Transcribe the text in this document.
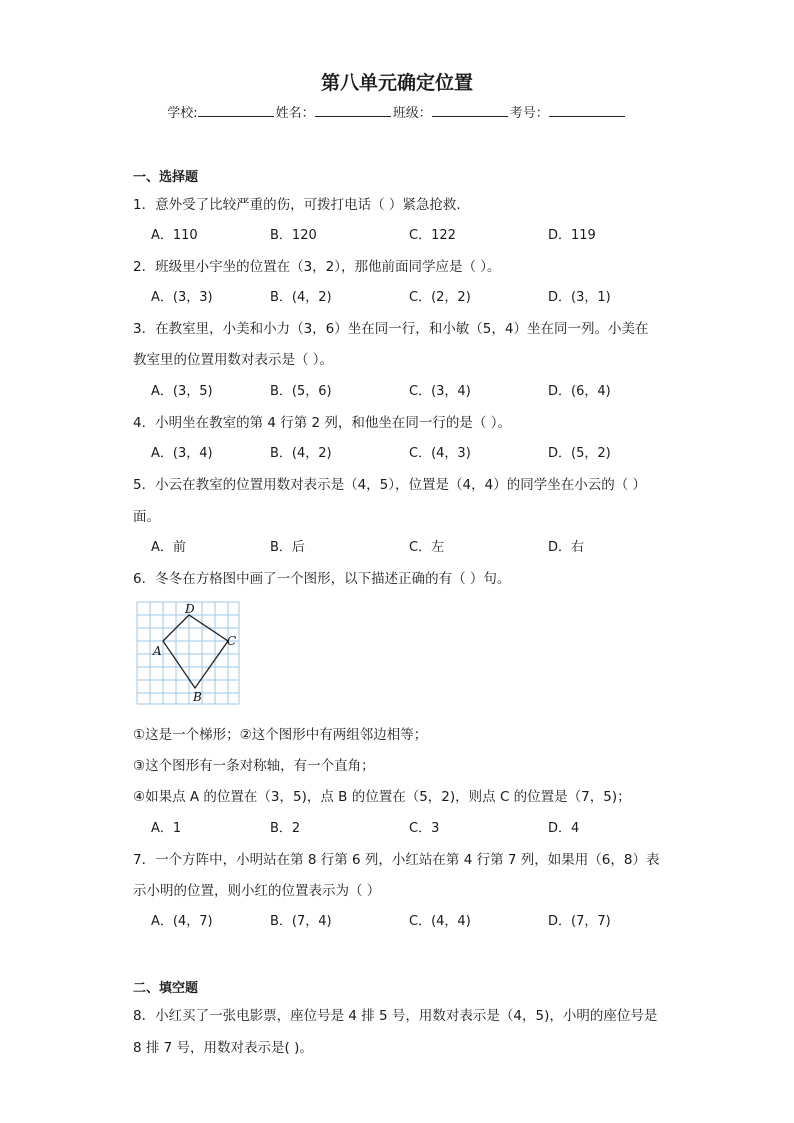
第八单元确定位置
学校:	姓名：	班级：	考号：
一、选择题
1．意外受了比较严重的伤，可拨打电话（ ）紧急抢救.
A．110	B．120	C．122	D．119
2．班级里小宇坐的位置在（3，2），那他前面同学应是（ ）。
A．(3，3)	B．(4，2)	C．(2，2)	D．(3，1)
3．在教室里，小美和小力（3，6）坐在同一行，和小敏（5，4）坐在同一列。小美在
教室里的位置用数对表示是（ ）。
A．(3，5)	B．(5，6)	C．(3，4)	D．(6，4)
4．小明坐在教室的第 4 行第 2 列，和他坐在同一行的是（ ）。
A．(3，4)	B．(4，2)	C．(4，3)	D．(5，2)
5．小云在教室的位置用数对表示是（4，5），位置是（4，4）的同学坐在小云的（ ）
面。
A．前	B．后	C．左	D．右
6．冬冬在方格图中画了一个图形，以下描述正确的有（ ）句。
D
C
A
B
①这是一个梯形；②这个图形中有两组邻边相等；
③这个图形有一条对称轴，有一个直角；
④如果点 A 的位置在（3，5)，点 B 的位置在（5，2)，则点 C 的位置是（7，5)；
A．1	B．2	C．3	D．4
7．一个方阵中，小明站在第 8 行第 6 列，小红站在第 4 行第 7 列，如果用（6，8）表
示小明的位置，则小红的位置表示为（ ）
A．(4，7)	B．(7，4)	C．(4，4)	D．(7，7)
二、填空题
8．小红买了一张电影票，座位号是 4 排 5 号，用数对表示是（4，5)，小明的座位号是
8 排 7 号，用数对表示是( )。
